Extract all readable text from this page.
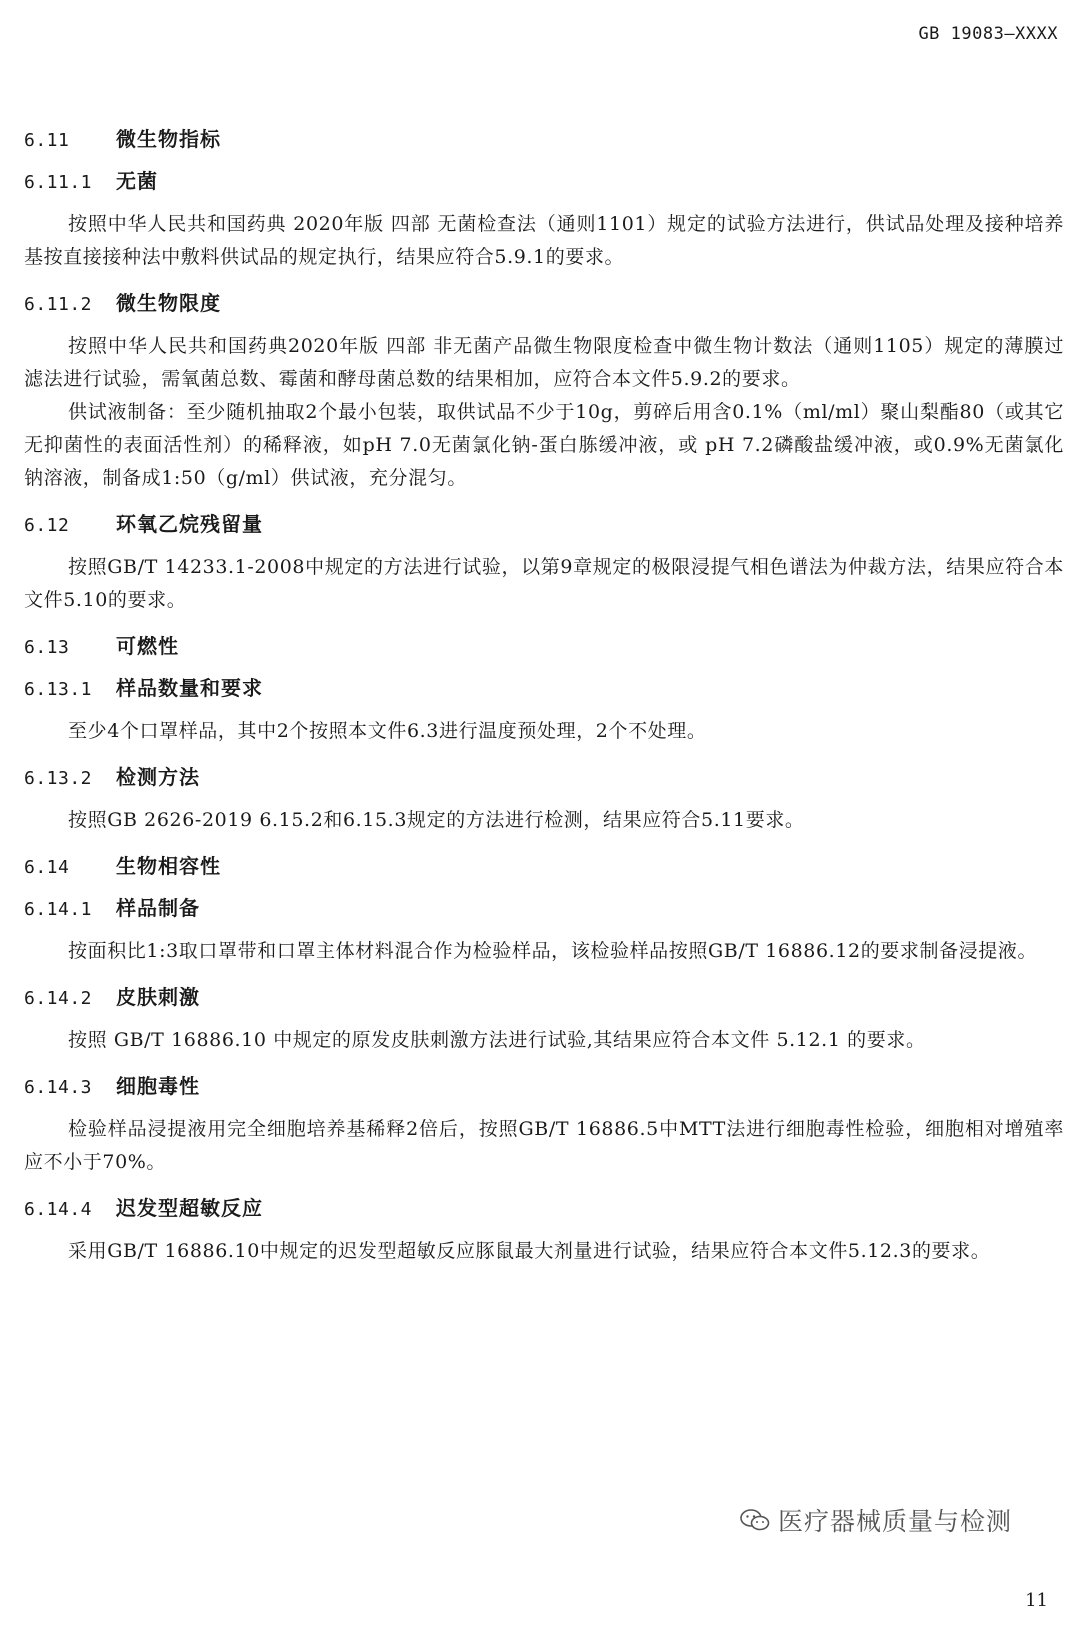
GB 19083—XXXX
6.11	微生物指标
6.11.1	无菌

按照中华人民共和国药典 2020年版 四部 无菌检查法（通则1101）规定的试验方法进行，供试品处理及接种培养基按直接接种法中敷料供试品的规定执行，结果应符合5.9.1的要求。

6.11.2	微生物限度

按照中华人民共和国药典2020年版 四部 非无菌产品微生物限度检查中微生物计数法（通则1105）规定的薄膜过滤法进行试验，需氧菌总数、霉菌和酵母菌总数的结果相加，应符合本文件5.9.2的要求。

供试液制备：至少随机抽取2个最小包装，取供试品不少于10g，剪碎后用含0.1%（ml/ml）聚山梨酯80（或其它无抑菌性的表面活性剂）的稀释液，如pH 7.0无菌氯化钠-蛋白胨缓冲液，或 pH 7.2磷酸盐缓冲液，或0.9%无菌氯化钠溶液，制备成1:50（g/ml）供试液，充分混匀。

6.12	环氧乙烷残留量

按照GB/T 14233.1-2008中规定的方法进行试验，以第9章规定的极限浸提气相色谱法为仲裁方法，结果应符合本文件5.10的要求。

6.13	可燃性
6.13.1	样品数量和要求

至少4个口罩样品，其中2个按照本文件6.3进行温度预处理，2个不处理。

6.13.2	检测方法

按照GB 2626-2019 6.15.2和6.15.3规定的方法进行检测，结果应符合5.11要求。

6.14	生物相容性
6.14.1	样品制备

按面积比1:3取口罩带和口罩主体材料混合作为检验样品，该检验样品按照GB/T 16886.12的要求制备浸提液。

6.14.2	皮肤刺激

按照 GB/T 16886.10 中规定的原发皮肤刺激方法进行试验,其结果应符合本文件 5.12.1 的要求。

6.14.3	细胞毒性

检验样品浸提液用完全细胞培养基稀释2倍后，按照GB/T 16886.5中MTT法进行细胞毒性检验，细胞相对增殖率应不小于70%。

6.14.4	迟发型超敏反应

采用GB/T 16886.10中规定的迟发型超敏反应豚鼠最大剂量进行试验，结果应符合本文件5.12.3的要求。

医疗器械质量与检测
11
